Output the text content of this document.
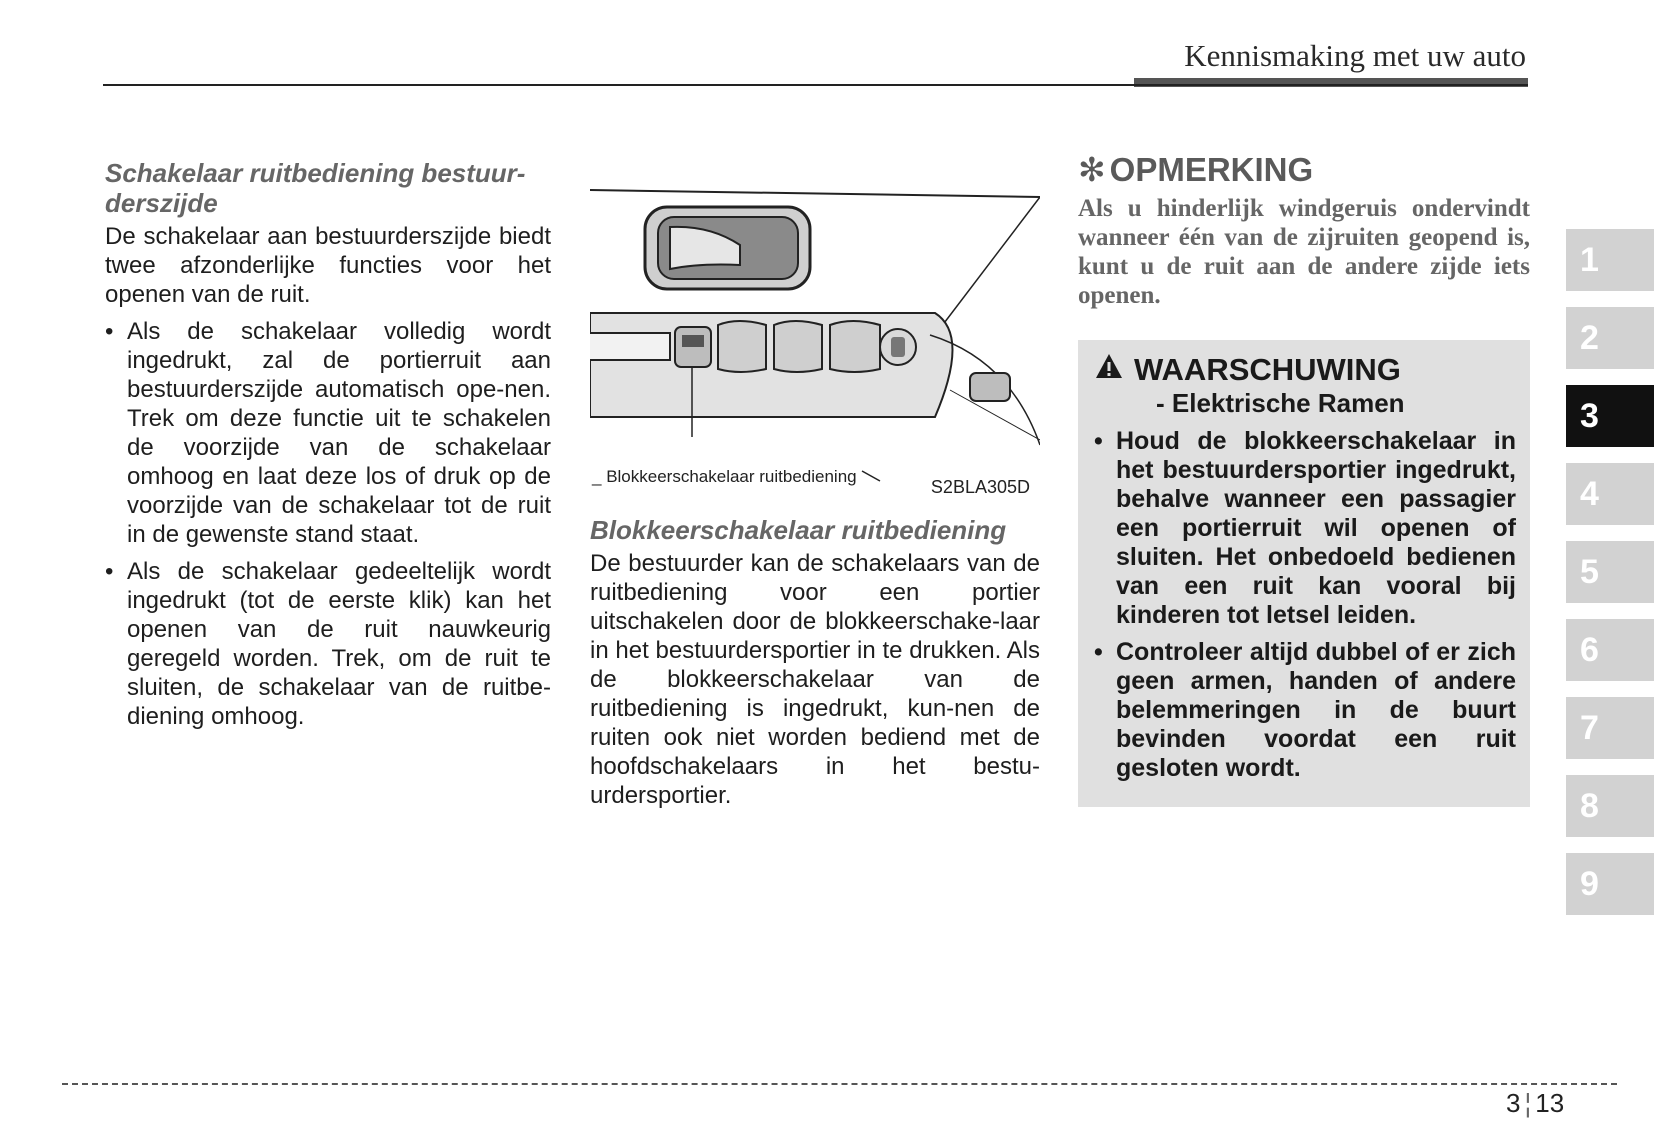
Kennismaking met uw auto
Schakelaar ruitbediening bestuur-derszijde

De schakelaar aan bestuurderszijde biedt twee afzonderlijke functies voor het openen van de ruit.

• Als de schakelaar volledig wordt ingedrukt, zal de portierruit aan bestuurderszijde automatisch ope-nen. Trek om deze functie uit te schakelen de voorzijde van de schakelaar omhoog en laat deze los of druk op de voorzijde van de schakelaar tot de ruit in de gewenste stand staat.
• Als de schakelaar gedeeltelijk wordt ingedrukt (tot de eerste klik) kan het openen van de ruit nauwkeurig geregeld worden. Trek, om de ruit te sluiten, de schakelaar van de ruitbe-diening omhoog.
_ Blokkeerschakelaar ruitbediening
S2BLA305D
Blokkeerschakelaar ruitbediening

De bestuurder kan de schakelaars van de ruitbediening voor een portier uitschakelen door de blokkeerschake-laar in het bestuurdersportier in te drukken. Als de blokkeerschakelaar van de ruitbediening is ingedrukt, kun-nen de ruiten ook niet worden bediend met de hoofdschakelaars in het bestu-urdersportier.

✻ OPMERKING

Als u hinderlijk windgeruis ondervindt wanneer één van de zijruiten geopend is, kunt u de ruit aan de andere zijde iets openen.

WAARSCHUWING
- Elektrische Ramen
• Houd de blokkeerschakelaar in het bestuurdersportier ingedrukt, behalve wanneer een passagier een portierruit wil openen of sluiten. Het onbedoeld bedienen van een ruit kan vooral bij kinderen tot letsel leiden.
• Controleer altijd dubbel of er zich geen armen, handen of andere belemmeringen in de buurt bevinden voordat een ruit gesloten wordt.
1
2
3
4
5
6
7
8
9
3 ¦ 13
